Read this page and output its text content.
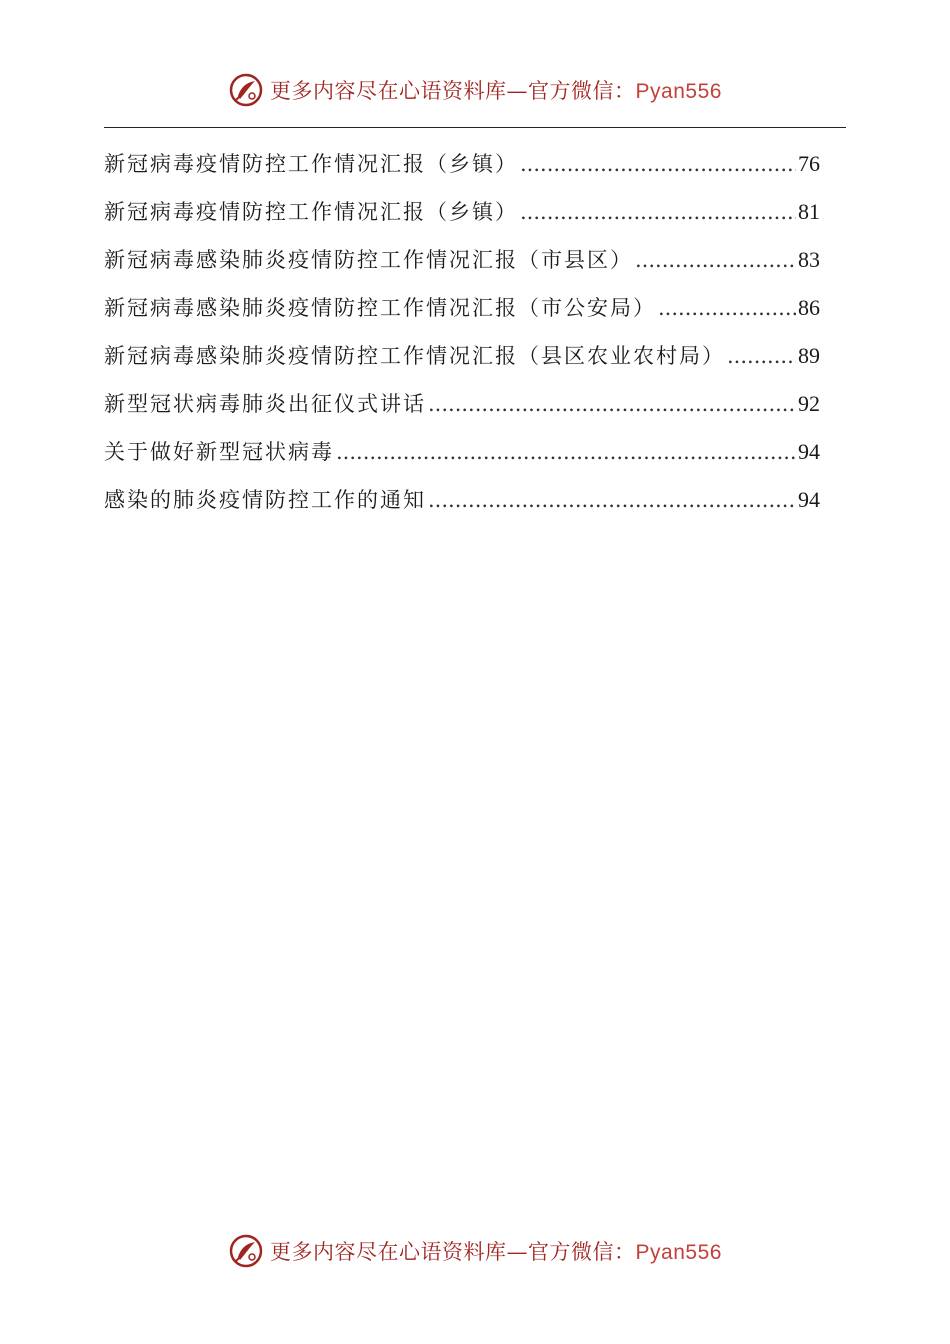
更多内容尽在心语资料库—官方微信：Pyan556
新冠病毒疫情防控工作情况汇报（乡镇） .....	76
新冠病毒疫情防控工作情况汇报（乡镇） .....	81
新冠病毒感染肺炎疫情防控工作情况汇报（市县区） .....	83
新冠病毒感染肺炎疫情防控工作情况汇报（市公安局） .....	86
新冠病毒感染肺炎疫情防控工作情况汇报（县区农业农村局） .....	89
新型冠状病毒肺炎出征仪式讲话 .....	92
关于做好新型冠状病毒 .....	94
感染的肺炎疫情防控工作的通知 .....	94
更多内容尽在心语资料库—官方微信：Pyan556
